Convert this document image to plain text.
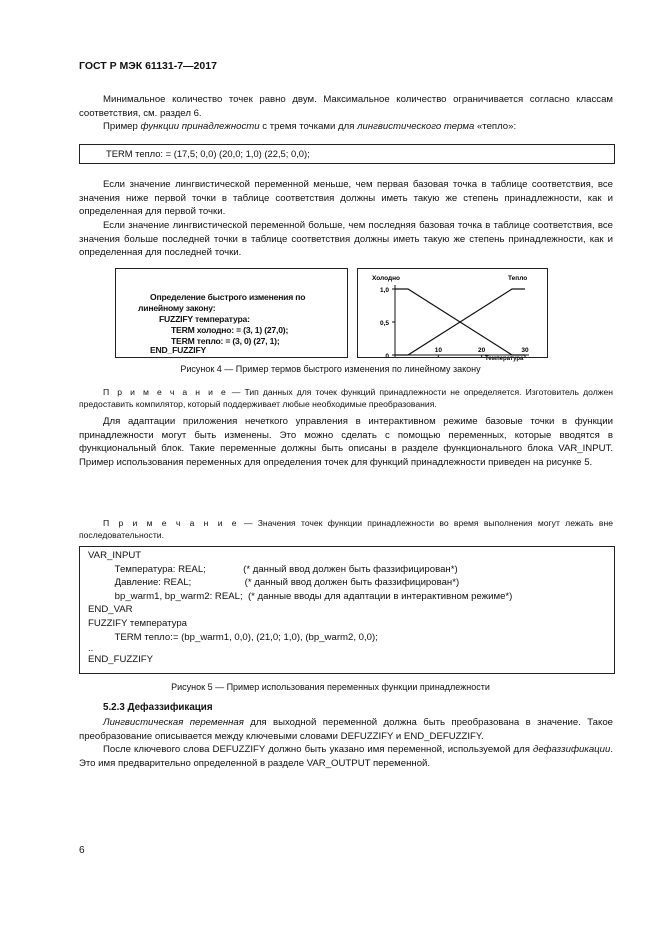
ГОСТ Р МЭК 61131-7—2017

Минимальное количество точек равно двум. Максимальное количество ограничивается согласно классам соответствия, см. раздел 6.

Пример функции принадлежности с тремя точками для лингвистического терма «тепло»:

TERM тепло: = (17,5; 0,0) (20,0; 1,0) (22,5; 0,0);

Если значение лингвистической переменной меньше, чем первая базовая точка в таблице соответствия, все значения ниже первой точки в таблице соответствия должны иметь такую же степень принадлежности, как и определенная для первой точки.

Если значение лингвистической переменной больше, чем последняя базовая точка в таблице соответствия, все значения больше последней точки в таблице соответствия должны иметь такую же степень принадлежности, как и определенная для последней точки.

Определение быстрого изменения по
линейному закону:
FUZZIFY температура:
TERM холодно: = (3, 1) (27,0);
TERM тепло: = (3, 0) (27, 1);
END_FUZZIFY
0
0,5
1,0
10	20	30
Холодно	Тепло
Рисунок 4 — Пример термов быстрого изменения по линейному закону

П р и м е ч а н и е — Тип данных для точек функций принадлежности не определяется. Изготовитель должен предоставить компилятор, который поддерживает любые необходимые преобразования.

Для адаптации приложения нечеткого управления в интерактивном режиме базовые точки в функции принадлежности могут быть изменены. Это можно сделать с помощью переменных, которые вводятся в функциональный блок. Такие переменные должны быть описаны в разделе функционального блока VAR_INPUT. Пример использования переменных для определения точек для функций принадлежности приведен на рисунке 5.

П р и м е ч а н и е — Значения точек функции принадлежности во время выполнения могут лежать вне последовательности.

VAR_INPUT
Температура: REAL;              (* данный ввод должен быть фаззифицирован*)
Давление: REAL;                    (* данный ввод должен быть фаззифицирован*)
bp_warm1, bp_warm2: REAL;  (* данные вводы для адаптации в интерактивном режиме*)
END_VAR
FUZZIFY температура
TERM тепло:= (bp_warm1, 0,0), (21,0; 1,0), (bp_warm2, 0,0);
..
END_FUZZIFY
Рисунок 5 — Пример использования переменных функции принадлежности
5.2.3 Дефаззификация

Лингвистическая переменная для выходной переменной должна быть преобразована в значение. Такое преобразование описывается между ключевыми словами DEFUZZIFY и END_DEFUZZIFY.

После ключевого слова DEFUZZIFY должно быть указано имя переменной, используемой для дефаззификации. Это имя предварительно определенной в разделе VAR_OUTPUT переменной.

6
Температура
